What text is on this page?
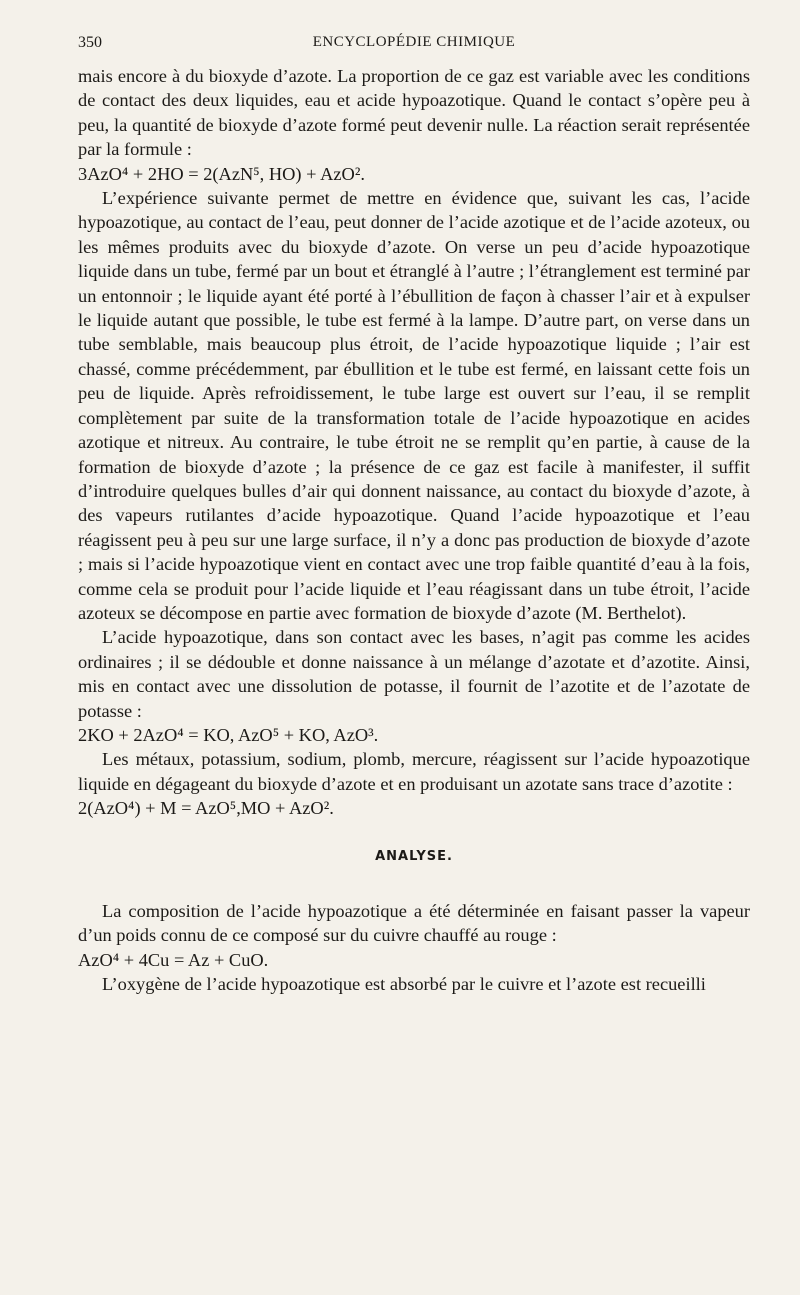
350	ENCYCLOPÉDIE CHIMIQUE

mais encore à du bioxyde d’azote. La proportion de ce gaz est variable avec les conditions de contact des deux liquides, eau et acide hypoazotique. Quand le contact s’opère peu à peu, la quantité de bioxyde d’azote formé peut devenir nulle. La réaction serait représentée par la formule :

3AzO⁴ + 2HO = 2(AzN⁵, HO) + AzO².

L’expérience suivante permet de mettre en évidence que, suivant les cas, l’acide hypoazotique, au contact de l’eau, peut donner de l’acide azotique et de l’acide azoteux, ou les mêmes produits avec du bioxyde d’azote. On verse un peu d’acide hypoazotique liquide dans un tube, fermé par un bout et étranglé à l’autre ; l’étranglement est terminé par un entonnoir ; le liquide ayant été porté à l’ébullition de façon à chasser l’air et à expulser le liquide autant que possible, le tube est fermé à la lampe. D’autre part, on verse dans un tube semblable, mais beaucoup plus étroit, de l’acide hypoazotique liquide ; l’air est chassé, comme précédemment, par ébullition et le tube est fermé, en laissant cette fois un peu de liquide. Après refroidissement, le tube large est ouvert sur l’eau, il se remplit complètement par suite de la transformation totale de l’acide hypoazotique en acides azotique et nitreux. Au contraire, le tube étroit ne se remplit qu’en partie, à cause de la formation de bioxyde d’azote ; la présence de ce gaz est facile à manifester, il suffit d’introduire quelques bulles d’air qui donnent naissance, au contact du bioxyde d’azote, à des vapeurs rutilantes d’acide hypoazotique. Quand l’acide hypoazotique et l’eau réagissent peu à peu sur une large surface, il n’y a donc pas production de bioxyde d’azote ; mais si l’acide hypoazotique vient en contact avec une trop faible quantité d’eau à la fois, comme cela se produit pour l’acide liquide et l’eau réagissant dans un tube étroit, l’acide azoteux se décompose en partie avec formation de bioxyde d’azote (M. Berthelot).

L’acide hypoazotique, dans son contact avec les bases, n’agit pas comme les acides ordinaires ; il se dédouble et donne naissance à un mélange d’azotate et d’azotite. Ainsi, mis en contact avec une dissolution de potasse, il fournit de l’azotite et de l’azotate de potasse :

2KO + 2AzO⁴ = KO, AzO⁵ + KO, AzO³.

Les métaux, potassium, sodium, plomb, mercure, réagissent sur l’acide hypoazotique liquide en dégageant du bioxyde d’azote et en produisant un azotate sans trace d’azotite :

2(AzO⁴) + M = AzO⁵,MO + AzO².

ANALYSE.

La composition de l’acide hypoazotique a été déterminée en faisant passer la vapeur d’un poids connu de ce composé sur du cuivre chauffé au rouge :

AzO⁴ + 4Cu = Az + CuO.

L’oxygène de l’acide hypoazotique est absorbé par le cuivre et l’azote est recueilli
